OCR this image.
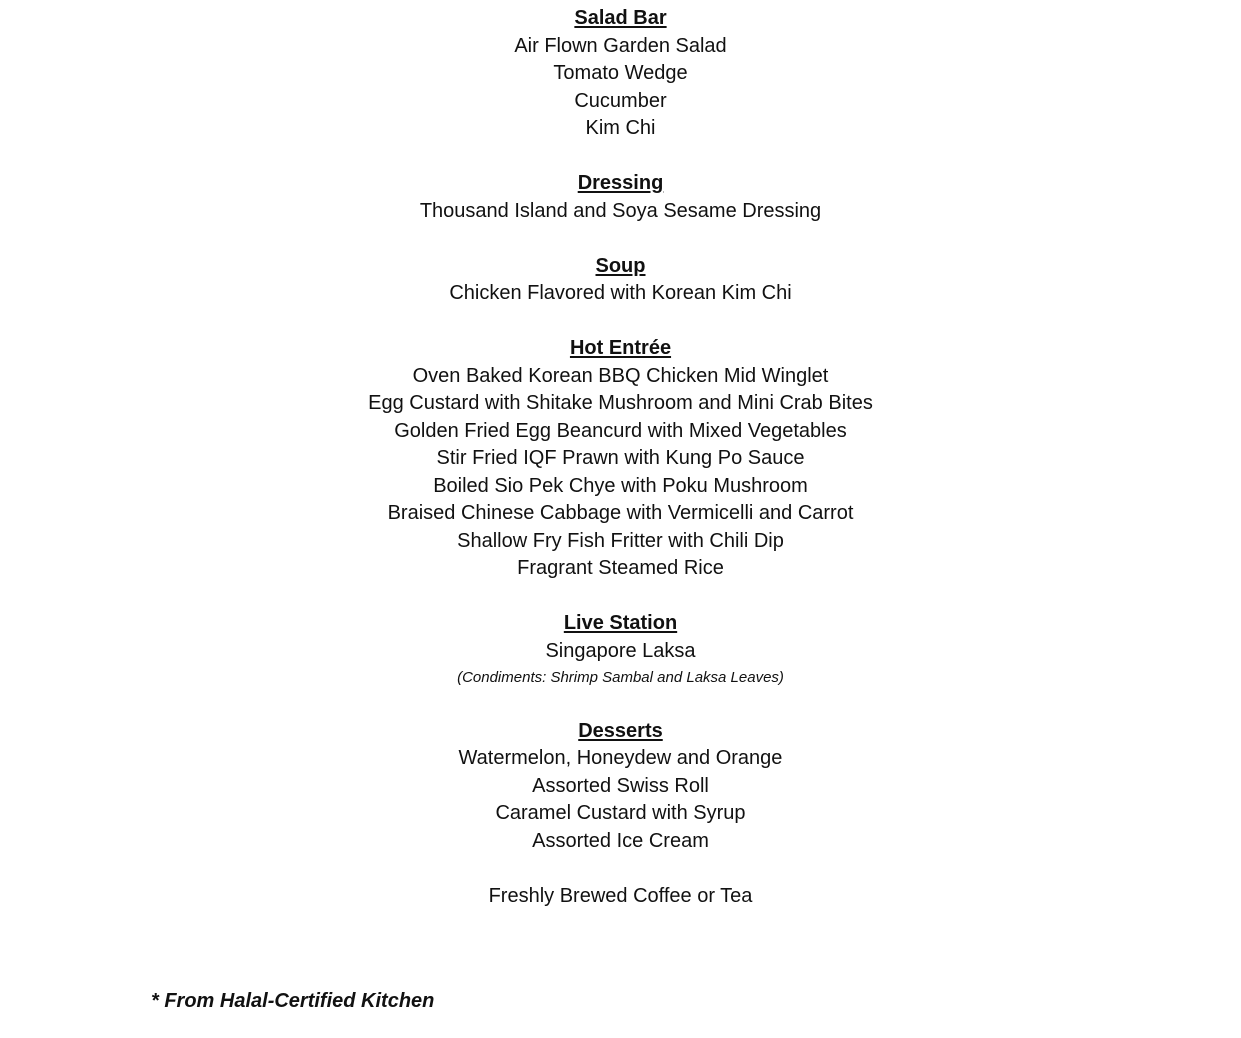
Salad Bar
Air Flown Garden Salad
Tomato Wedge
Cucumber
Kim Chi
Dressing
Thousand Island and Soya Sesame Dressing
Soup
Chicken Flavored with Korean Kim Chi
Hot Entrée
Oven Baked Korean BBQ Chicken Mid Winglet
Egg Custard with Shitake Mushroom and Mini Crab Bites
Golden Fried Egg Beancurd with Mixed Vegetables
Stir Fried IQF Prawn with Kung Po Sauce
Boiled Sio Pek Chye with Poku Mushroom
Braised Chinese Cabbage with Vermicelli and Carrot
Shallow Fry Fish Fritter with Chili Dip
Fragrant Steamed Rice
Live Station
Singapore Laksa
(Condiments: Shrimp Sambal and Laksa Leaves)
Desserts
Watermelon, Honeydew and Orange
Assorted Swiss Roll
Caramel Custard with Syrup
Assorted Ice Cream
Freshly Brewed Coffee or Tea
* From Halal-Certified Kitchen
